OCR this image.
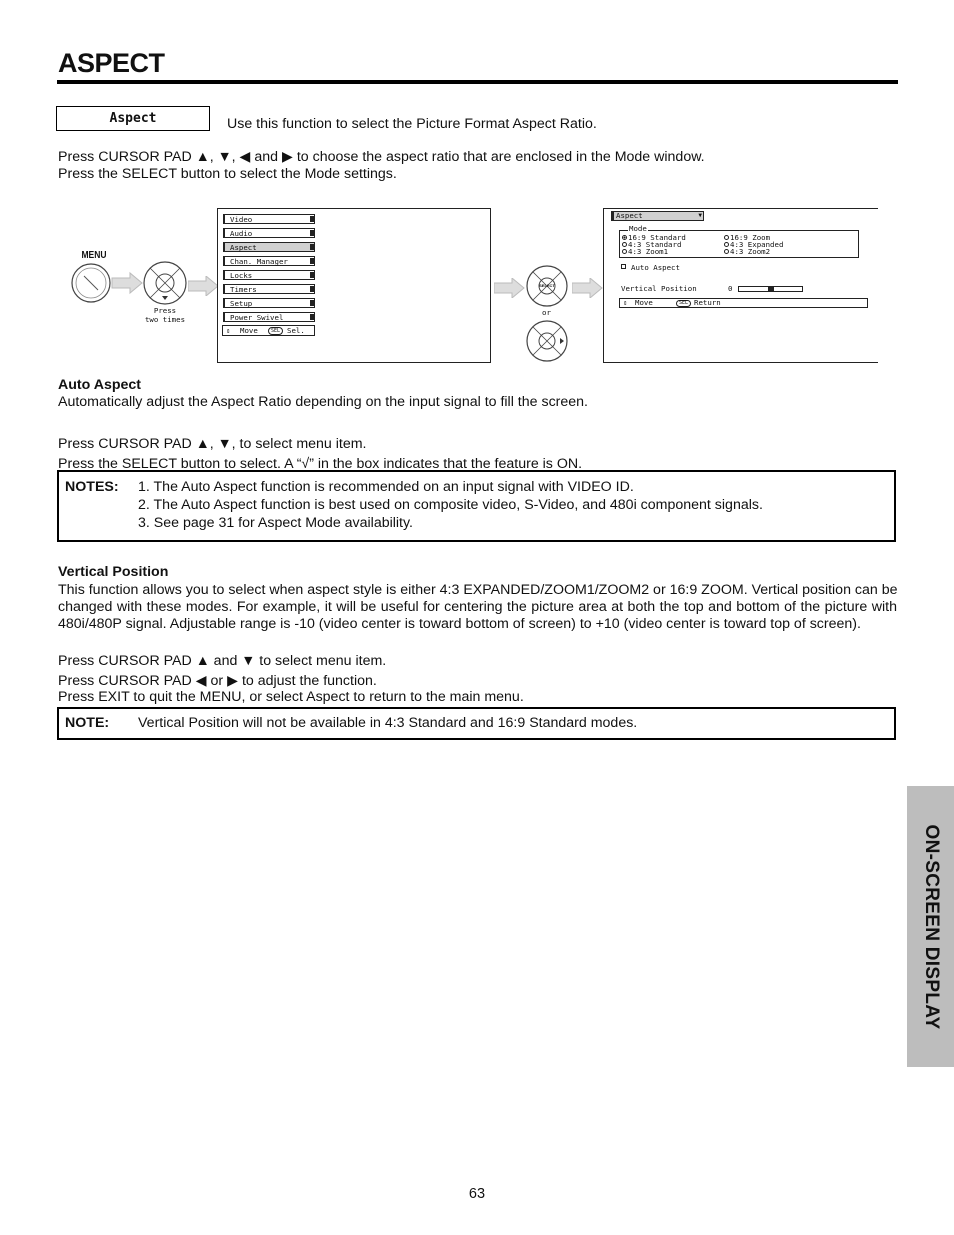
ASPECT
Aspect	Use this function to select the Picture Format Aspect Ratio.
Press CURSOR PAD ▲, ▼, ◀ and ▶ to choose the aspect ratio that are enclosed in the Mode window.
Press the SELECT button to select the Mode settings.
MENU
Press
two times
Video
Audio
Aspect
Chan. Manager
Locks
Timers
Setup
Power Swivel
⇕ Move	SEL Sel.
SELECT
or
Aspect	▼
Mode
16:9 Standard
4:3 Standard
4:3 Zoom1
16:9 Zoom
4:3 Expanded
4:3 Zoom2
Auto Aspect
Vertical Position	0
⇕ Move	SEL Return
Auto Aspect
Automatically adjust the Aspect Ratio depending on the input signal to fill the screen.
Press CURSOR PAD ▲, ▼, to select menu item.
Press the SELECT button to select. A “√” in the box indicates that the feature is ON.
NOTES: 1. The Auto Aspect function is recommended on an input signal with VIDEO ID.
2. The Auto Aspect function is best used on composite video, S-Video, and 480i component signals.
3. See page 31 for Aspect Mode availability.
Vertical Position
This function allows you to select when aspect style is either 4:3 EXPANDED/ZOOM1/ZOOM2 or 16:9 ZOOM. Vertical position can be
changed with these modes. For example, it will be useful for centering the picture area at both the top and bottom of the picture with
480i/480P signal. Adjustable range is -10 (video center is toward bottom of screen) to +10 (video center is toward top of screen).
Press CURSOR PAD ▲ and ▼ to select menu item.
Press CURSOR PAD ◀ or ▶ to adjust the function.
Press EXIT to quit the MENU, or select Aspect to return to the main menu.
NOTE: Vertical Position will not be available in 4:3 Standard and 16:9 Standard modes.
ON-SCREEN DISPLAY
63
